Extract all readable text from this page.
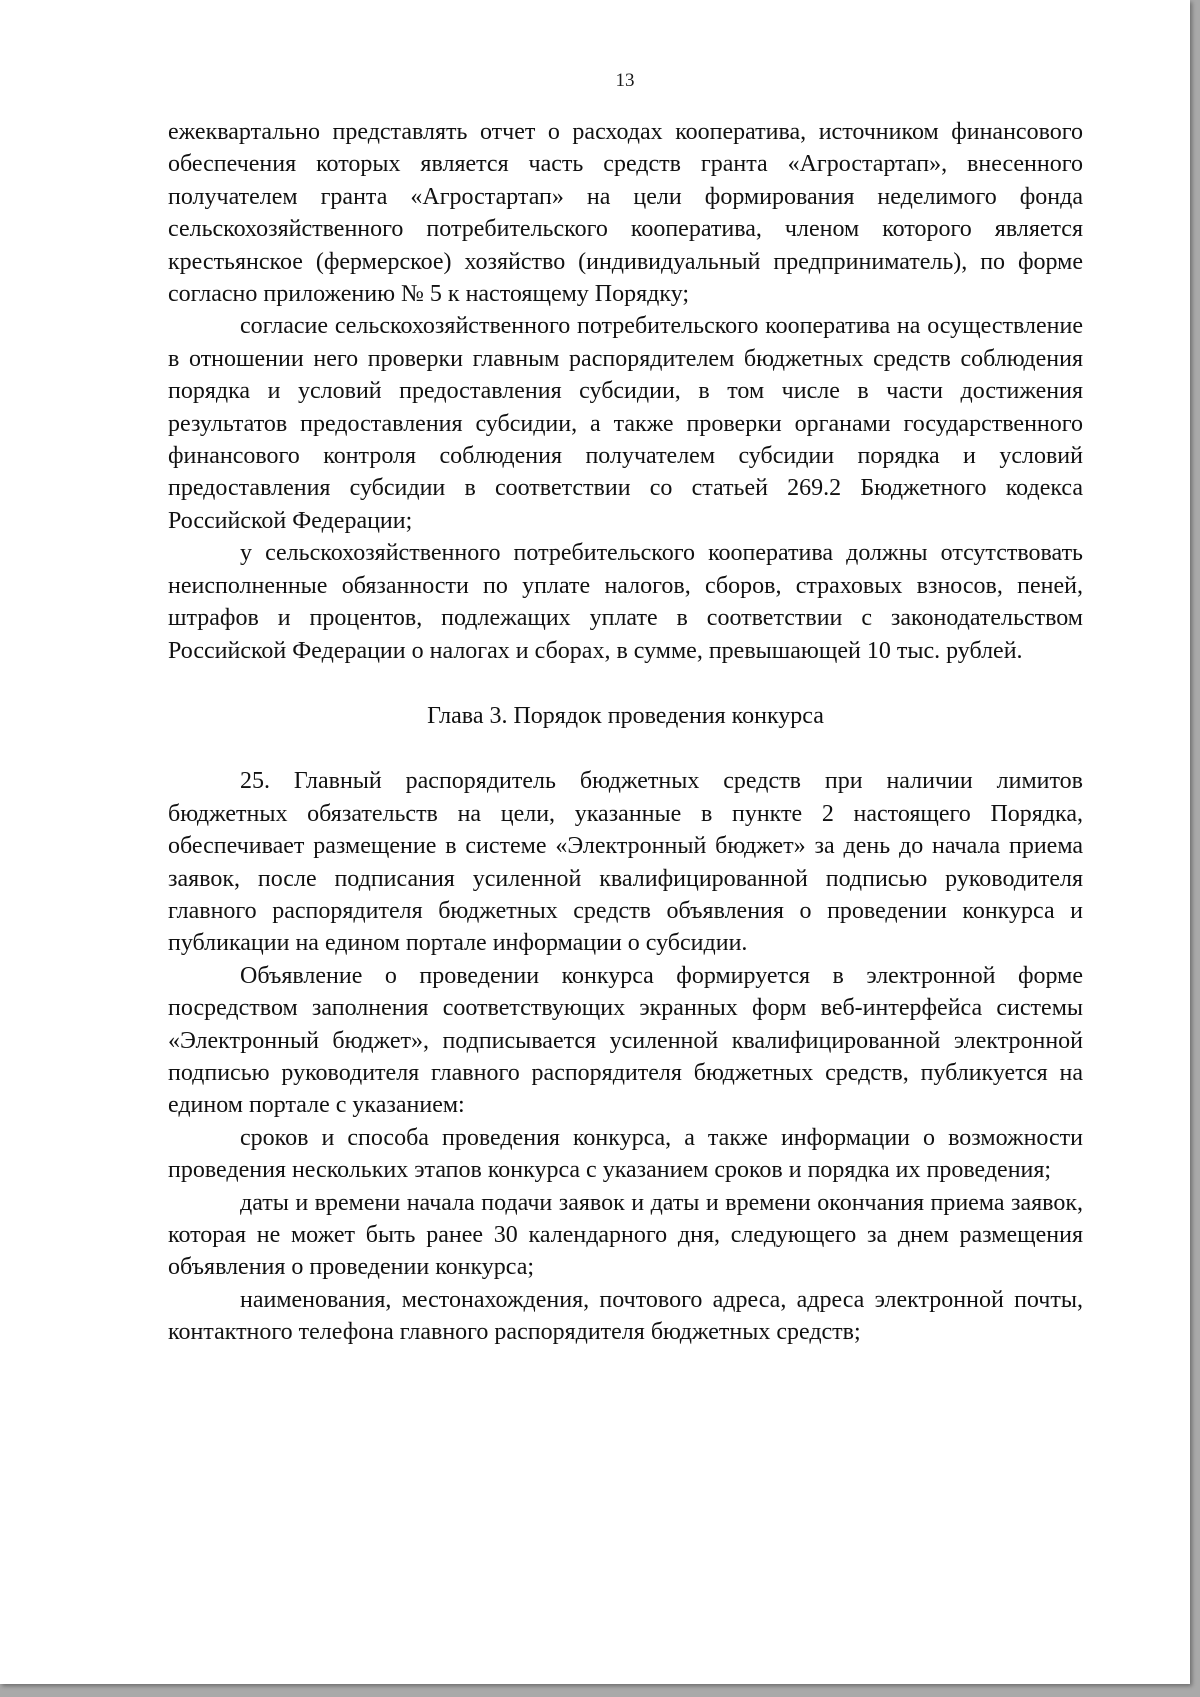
13

ежеквартально представлять отчет о расходах кооператива, источником финансового обеспечения которых является часть средств гранта «Агростартап», внесенного получателем гранта «Агростартап» на цели формирования неделимого фонда сельскохозяйственного потребительского кооператива, членом которого является крестьянское (фермерское) хозяйство (индивидуальный предприниматель), по форме согласно приложению № 5 к настоящему Порядку;

согласие сельскохозяйственного потребительского кооператива на осуществление в отношении него проверки главным распорядителем бюджетных средств соблюдения порядка и условий предоставления субсидии, в том числе в части достижения результатов предоставления субсидии, а также проверки органами государственного финансового контроля соблюдения получателем субсидии порядка и условий предоставления субсидии в соответствии со статьей 269.2 Бюджетного кодекса Российской Федерации;

у сельскохозяйственного потребительского кооператива должны отсутствовать неисполненные обязанности по уплате налогов, сборов, страховых взносов, пеней, штрафов и процентов, подлежащих уплате в соответствии с законодательством Российской Федерации о налогах и сборах, в сумме, превышающей 10 тыс. рублей.

Глава 3. Порядок проведения конкурса

25. Главный распорядитель бюджетных средств при наличии лимитов бюджетных обязательств на цели, указанные в пункте 2 настоящего Порядка, обеспечивает размещение в системе «Электронный бюджет» за день до начала приема заявок, после подписания усиленной квалифицированной подписью руководителя главного распорядителя бюджетных средств объявления о проведении конкурса и публикации на едином портале информации о субсидии.

Объявление о проведении конкурса формируется в электронной форме посредством заполнения соответствующих экранных форм веб-интерфейса системы «Электронный бюджет», подписывается усиленной квалифицированной электронной подписью руководителя главного распорядителя бюджетных средств, публикуется на едином портале с указанием:

сроков и способа проведения конкурса, а также информации о возможности проведения нескольких этапов конкурса с указанием сроков и порядка их проведения;

даты и времени начала подачи заявок и даты и времени окончания приема заявок, которая не может быть ранее 30 календарного дня, следующего за днем размещения объявления о проведении конкурса;

наименования, местонахождения, почтового адреса, адреса электронной почты, контактного телефона главного распорядителя бюджетных средств;
